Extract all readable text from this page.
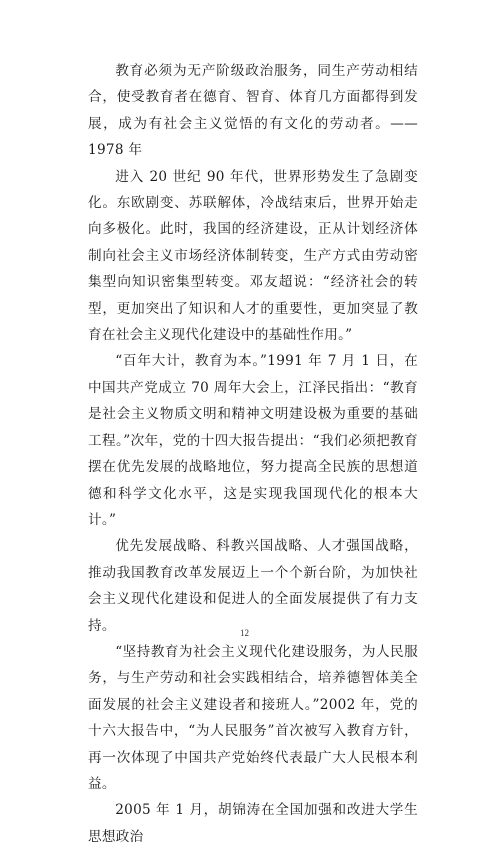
教育必须为无产阶级政治服务，同生产劳动相结合，使受教育者在德育、智育、体育几方面都得到发展，成为有社会主义觉悟的有文化的劳动者。——1978 年

进入 20 世纪 90 年代，世界形势发生了急剧变化。东欧剧变、苏联解体，冷战结束后，世界开始走向多极化。此时，我国的经济建设，正从计划经济体制向社会主义市场经济体制转变，生产方式由劳动密集型向知识密集型转变。邓友超说：“经济社会的转型，更加突出了知识和人才的重要性，更加突显了教育在社会主义现代化建设中的基础性作用。”

“百年大计，教育为本。”1991 年 7 月 1 日，在中国共产党成立 70 周年大会上，江泽民指出：“教育是社会主义物质文明和精神文明建设极为重要的基础工程。”次年，党的十四大报告提出：“我们必须把教育摆在优先发展的战略地位，努力提高全民族的思想道德和科学文化水平，这是实现我国现代化的根本大计。”

优先发展战略、科教兴国战略、人才强国战略，推动我国教育改革发展迈上一个个新台阶，为加快社会主义现代化建设和促进人的全面发展提供了有力支持。

“坚持教育为社会主义现代化建设服务，为人民服务，与生产劳动和社会实践相结合，培养德智体美全面发展的社会主义建设者和接班人。”2002 年，党的十六大报告中，“为人民服务”首次被写入教育方针，再一次体现了中国共产党始终代表最广大人民根本利益。

2005 年 1 月，胡锦涛在全国加强和改进大学生思想政治

12
